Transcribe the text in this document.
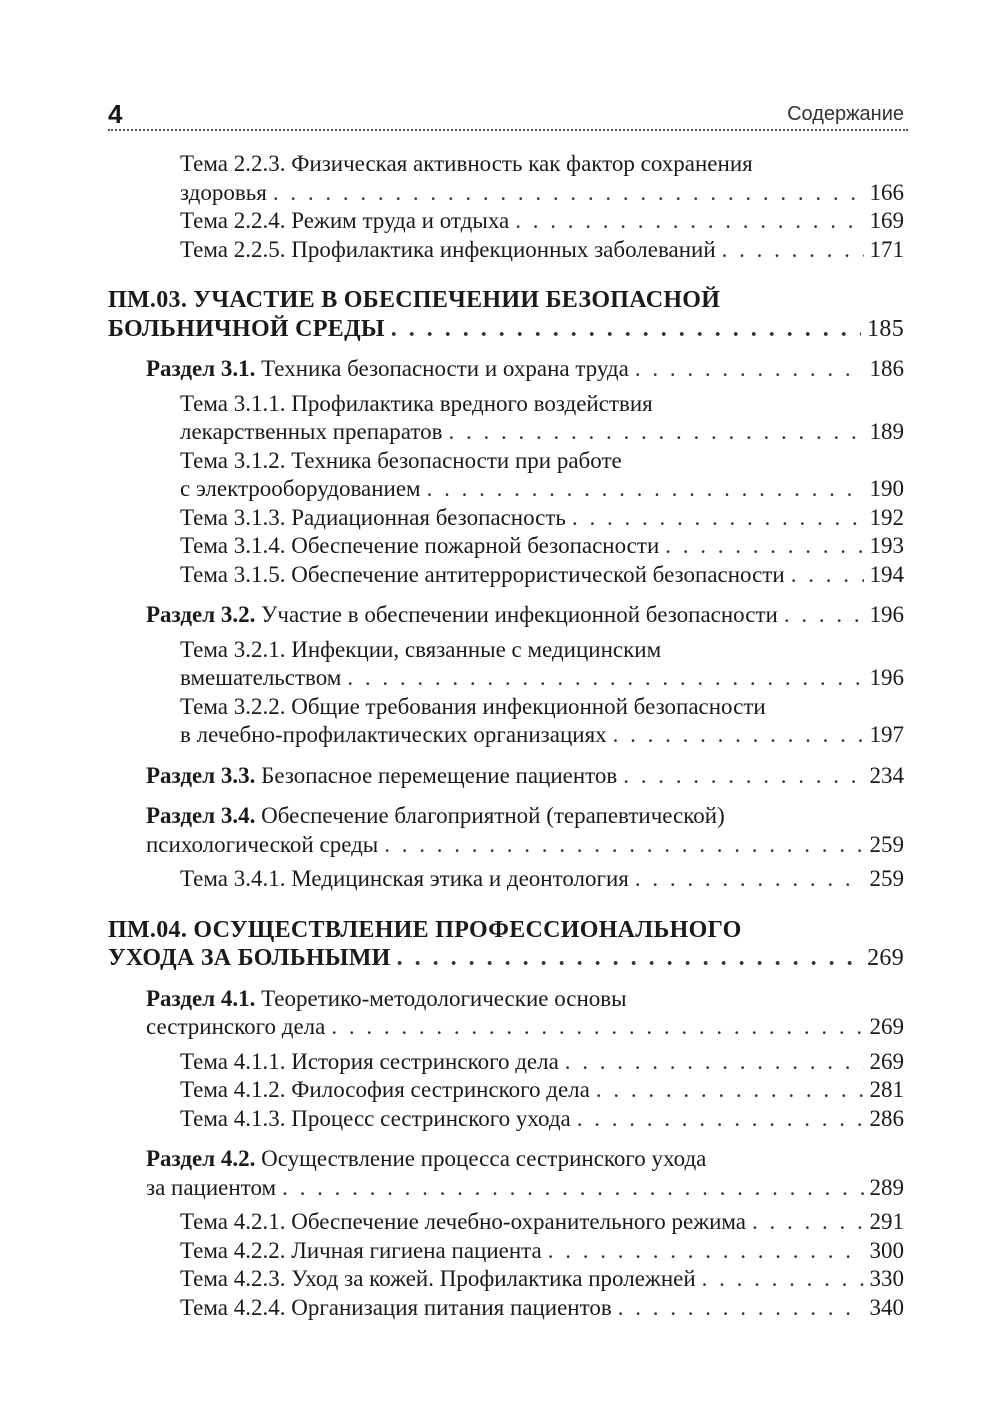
4	Содержание
Тема 2.2.3. Физическая активность как фактор сохранения
здоровья . . .	166
Тема 2.2.4. Режим труда и отдыха . . .	169
Тема 2.2.5. Профилактика инфекционных заболеваний . . .	171
ПМ.03. УЧАСТИЕ В ОБЕСПЕЧЕНИИ БЕЗОПАСНОЙ
БОЛЬНИЧНОЙ СРЕДЫ . . .	185
Раздел 3.1. Техника безопасности и охрана труда . . .	186
Тема 3.1.1. Профилактика вредного воздействия
лекарственных препаратов . . .	189
Тема 3.1.2. Техника безопасности при работе
с электрооборудованием . . .	190
Тема 3.1.3. Радиационная безопасность . . .	192
Тема 3.1.4. Обеспечение пожарной безопасности . . .	193
Тема 3.1.5. Обеспечение антитеррористической безопасности . . .	194
Раздел 3.2. Участие в обеспечении инфекционной безопасности . . .	196
Тема 3.2.1. Инфекции, связанные с медицинским
вмешательством . . .	196
Тема 3.2.2. Общие требования инфекционной безопасности
в лечебно-профилактических организациях . . .	197
Раздел 3.3. Безопасное перемещение пациентов . . .	234
Раздел 3.4. Обеспечение благоприятной (терапевтической)
психологической среды . . .	259
Тема 3.4.1. Медицинская этика и деонтология . . .	259
ПМ.04. ОСУЩЕСТВЛЕНИЕ ПРОФЕССИОНАЛЬНОГО
УХОДА ЗА БОЛЬНЫМИ . . .	269
Раздел 4.1. Теоретико-методологические основы
сестринского дела . . .	269
Тема 4.1.1. История сестринского дела . . .	269
Тема 4.1.2. Философия сестринского дела . . .	281
Тема 4.1.3. Процесс сестринского ухода . . .	286
Раздел 4.2. Осуществление процесса сестринского ухода
за пациентом . . .	289
Тема 4.2.1. Обеспечение лечебно-охранительного режима . . .	291
Тема 4.2.2. Личная гигиена пациента . . .	300
Тема 4.2.3. Уход за кожей. Профилактика пролежней . . .	330
Тема 4.2.4. Организация питания пациентов . . .	340
